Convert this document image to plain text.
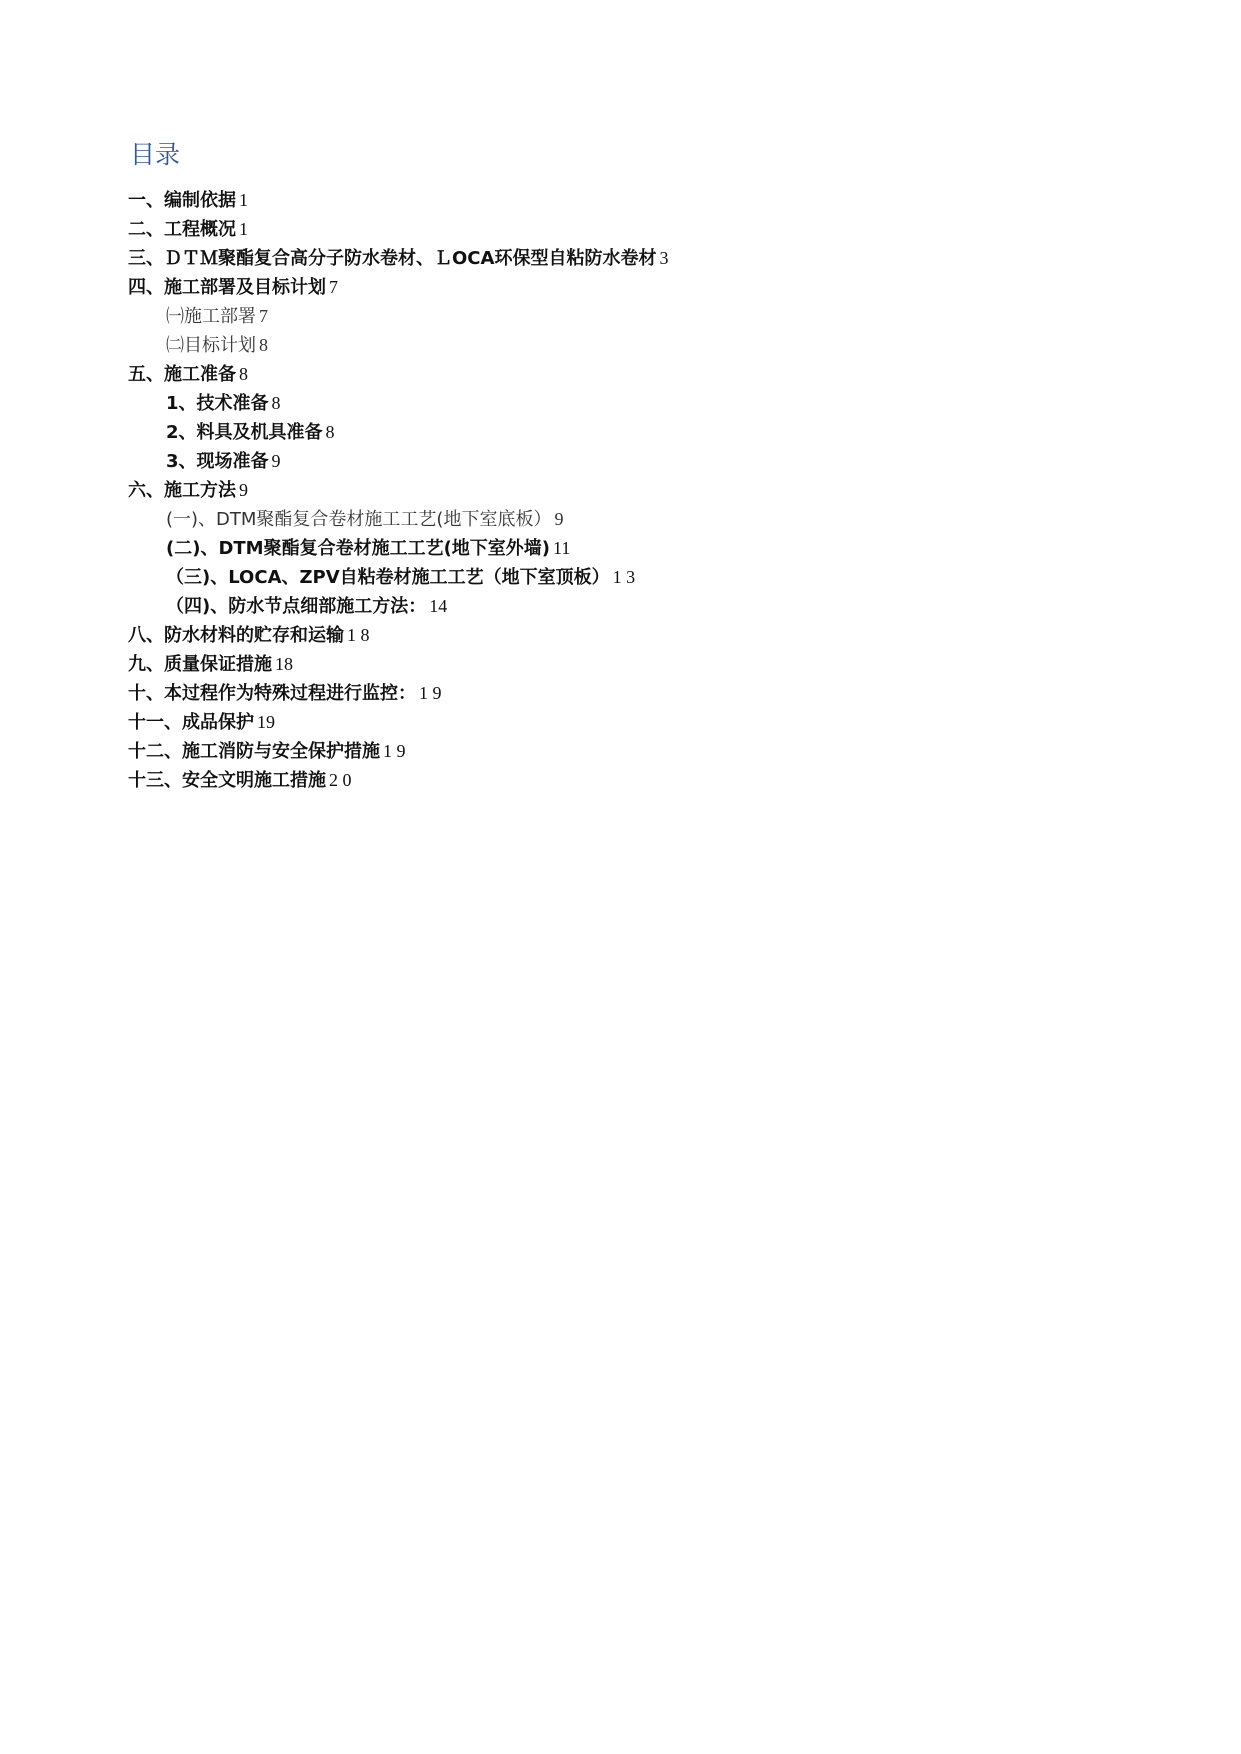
目录
一、编制依据 1
二、工程概况 1
三、ＤＴＭ聚酯复合高分子防水卷材、ＬOCA环保型自粘防水卷材 3
四、施工部署及目标计划 7
㈠施工部署 7
㈡目标计划 8
五、施工准备 8
1、技术准备 8
2、料具及机具准备 8
3、现场准备 9
六、施工方法 9
(一)、DTM聚酯复合卷材施工工艺(地下室底板） 9
(二)、DTM聚酯复合卷材施工工艺(地下室外墙) 11
（三)、LOCA、ZPV自粘卷材施工工艺（地下室顶板） 1 3
（四)、防水节点细部施工方法： 14
八、防水材料的贮存和运输 1 8
九、质量保证措施 18
十、本过程作为特殊过程进行监控： 1 9
十一、成品保护 19
十二、施工消防与安全保护措施 1 9
十三、安全文明施工措施 2 0
